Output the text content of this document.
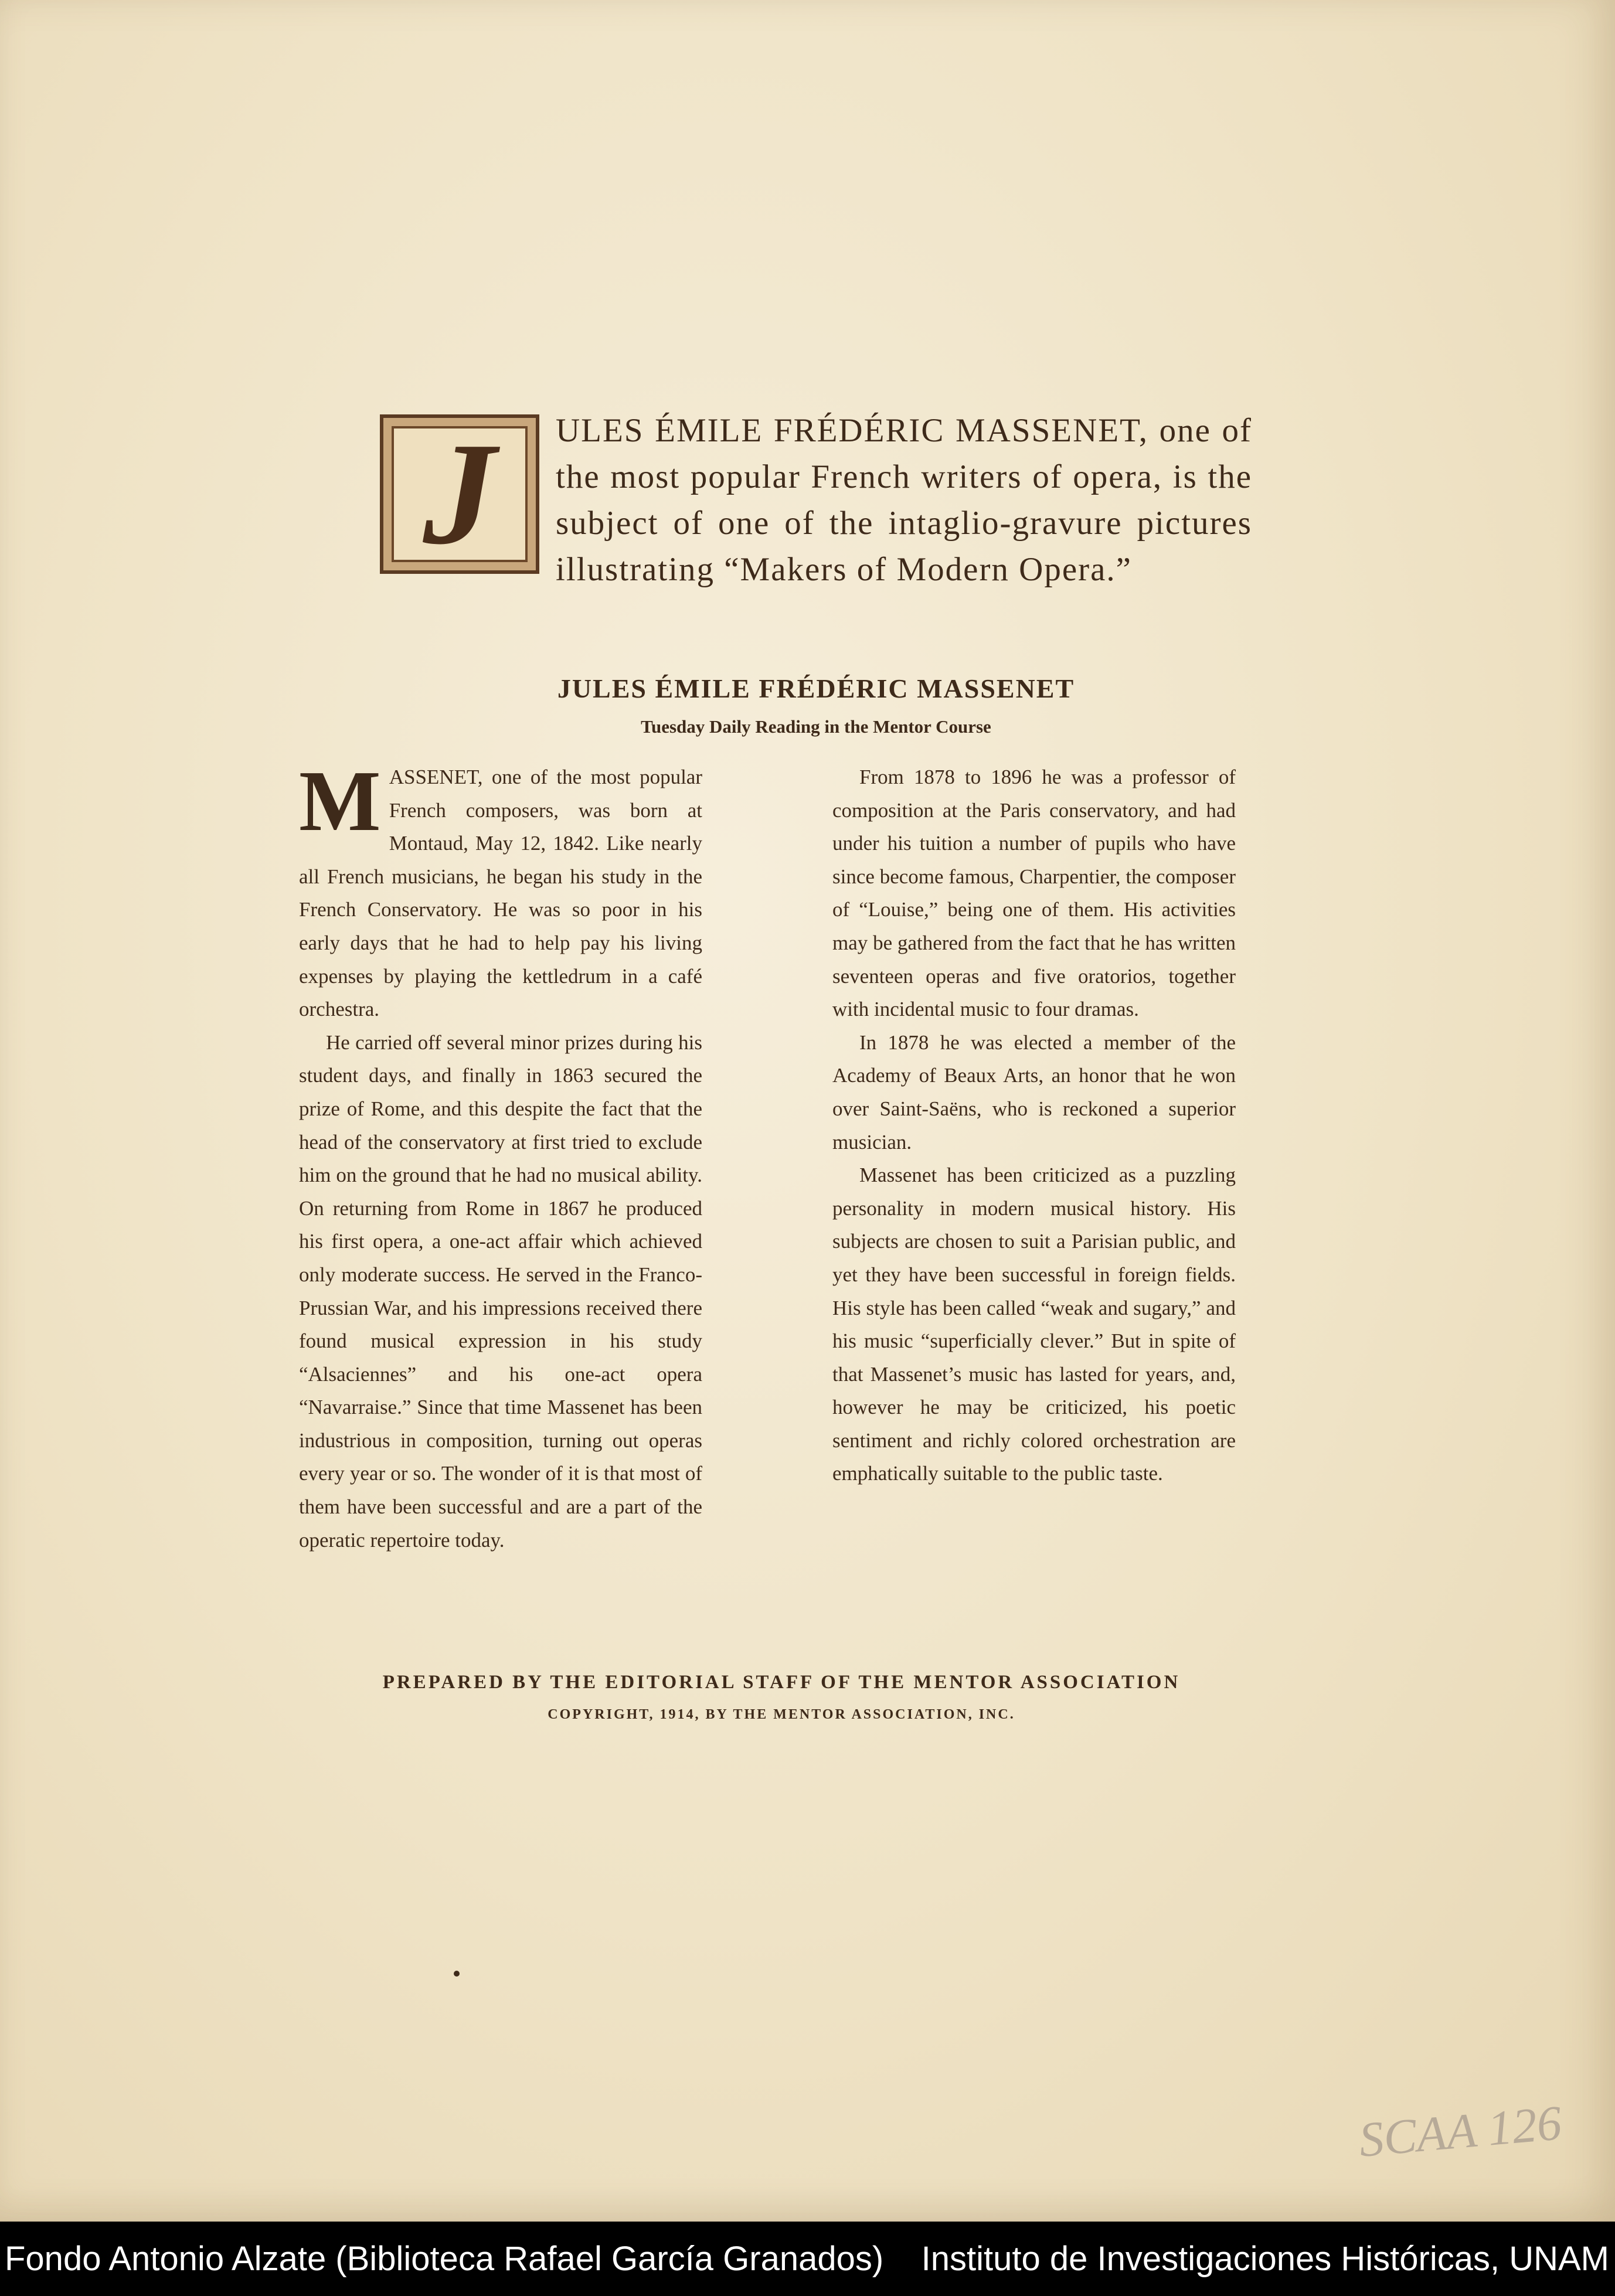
J	ULES ÉMILE FRÉDÉRIC MASSENET, one of the most popular French writers of opera, is the subject of one of the intaglio-gravure pictures illustrating “Makers of Modern Opera.”
JULES ÉMILE FRÉDÉRIC MASSENET
Tuesday Daily Reading in the Mentor Course

MASSENET, one of the most popular French composers, was born at Montaud, May 12, 1842. Like nearly all French musicians, he began his study in the French Conservatory. He was so poor in his early days that he had to help pay his living expenses by playing the kettledrum in a café orchestra.

He carried off several minor prizes during his student days, and finally in 1863 secured the prize of Rome, and this despite the fact that the head of the conservatory at first tried to exclude him on the ground that he had no musical ability. On returning from Rome in 1867 he produced his first opera, a one-act affair which achieved only moderate success. He served in the Franco-Prussian War, and his impressions received there found musical expression in his study “Alsaciennes” and his one-act opera “Navarraise.” Since that time Massenet has been industrious in composition, turning out operas every year or so. The wonder of it is that most of them have been successful and are a part of the operatic repertoire today.

From 1878 to 1896 he was a professor of composition at the Paris conservatory, and had under his tuition a number of pupils who have since become famous, Charpentier, the composer of “Louise,” being one of them. His activities may be gathered from the fact that he has written seventeen operas and five oratorios, together with incidental music to four dramas.

In 1878 he was elected a member of the Academy of Beaux Arts, an honor that he won over Saint-Saëns, who is reckoned a superior musician.

Massenet has been criticized as a puzzling personality in modern musical history. His subjects are chosen to suit a Parisian public, and yet they have been successful in foreign fields. His style has been called “weak and sugary,” and his music “superficially clever.” But in spite of that Massenet’s music has lasted for years, and, however he may be criticized, his poetic sentiment and richly colored orchestration are emphatically suitable to the public taste.

PREPARED BY THE EDITORIAL STAFF OF THE MENTOR ASSOCIATION
COPYRIGHT, 1914, BY THE MENTOR ASSOCIATION, INC.
SCAA 126
Fondo Antonio Alzate (Biblioteca Rafael García Granados) Instituto de Investigaciones Históricas, UNAM
